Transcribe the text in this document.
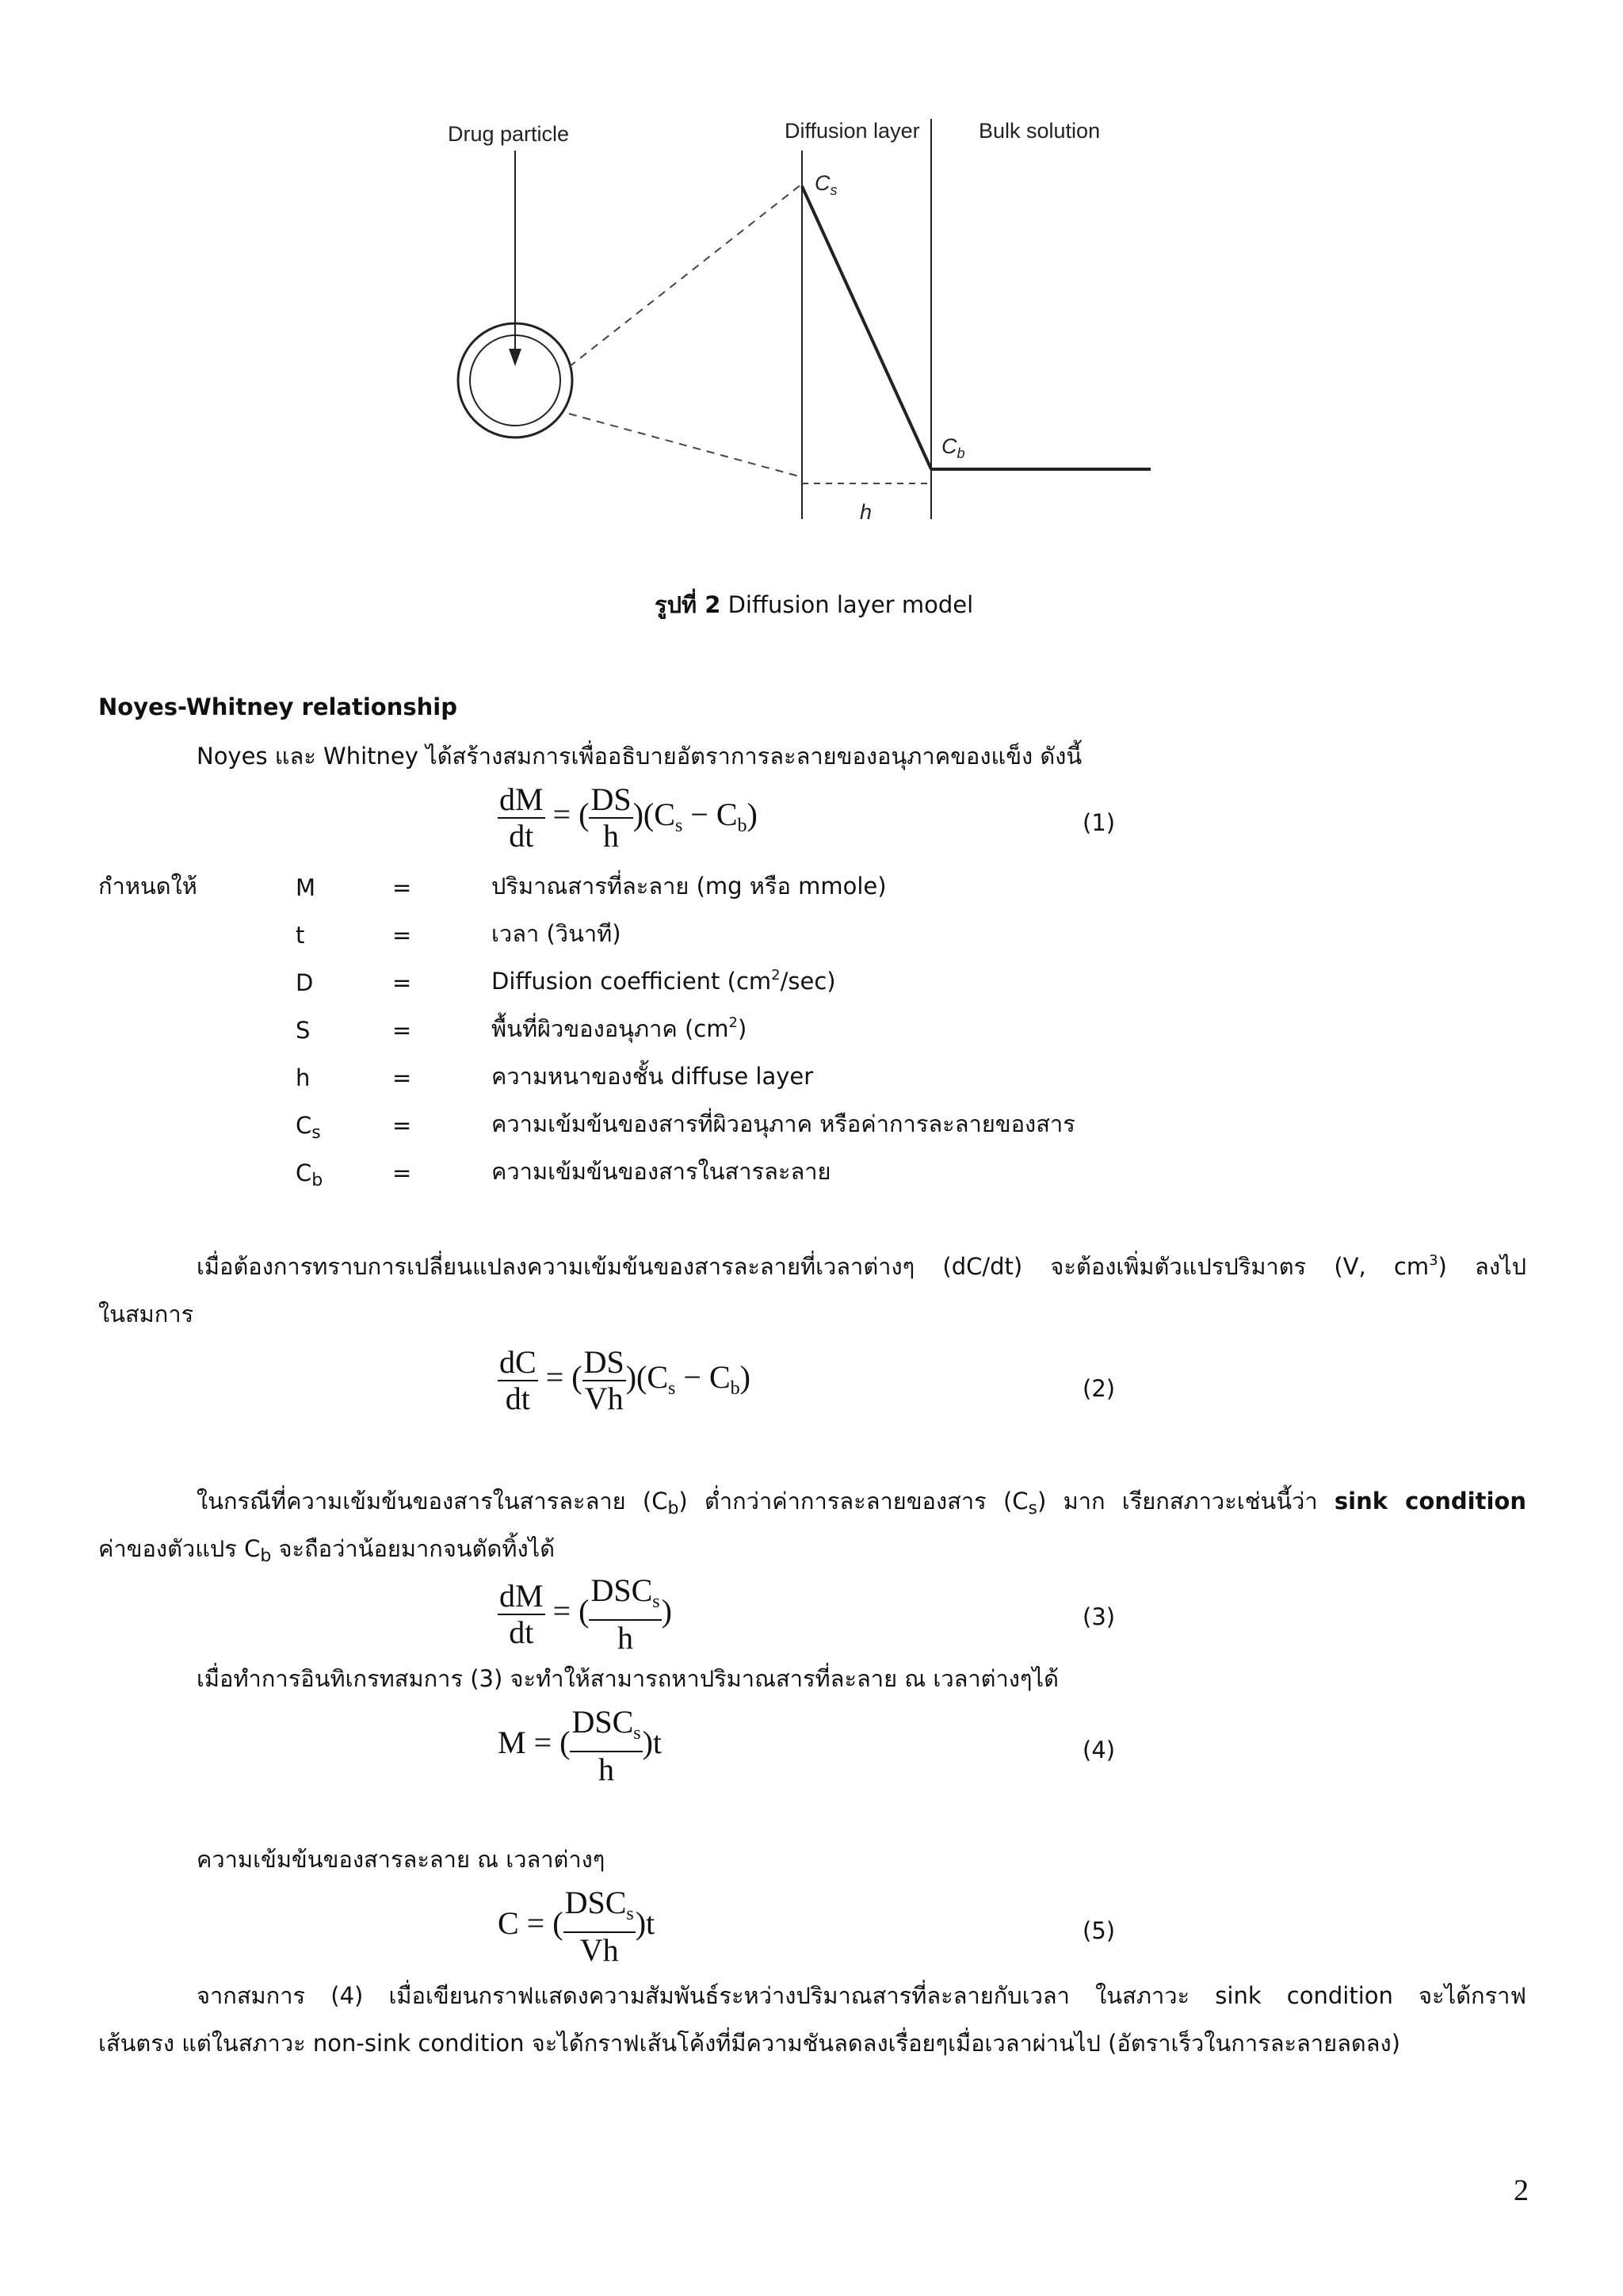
Drug particle	Diffusion layer	Bulk solution
$C_s$
$C_b$
h
รูปที่ 2 Diffusion layer model
Noyes-Whitney relationship
Noyes และ Whitney ได้สร้างสมการเพื่ออธิบายอัตราการละลายของอนุภาคของแข็ง ดังนี้
$\frac{dM}{dt}$ = ( $\frac{DS}{h} )(C_s - C_b)$	(1)
กำหนดให้	M	=	ปริมาณสารที่ละลาย (mg หรือ mmole)
t	=	เวลา (วินาที)
D	=	Diffusion coefficient $(cm^2/\sec)$
S	=	พื้นที่ผิวของอนุภาค $(cm^2)$
h	=	ความหนาของชั้น diffuse layer
$C_s$	=	ความเข้มข้นของสารที่ผิวอนุภาค หรือค่าการละลายของสาร
$C_b$	=	ความเข้มข้นของสารในสารละลาย
เมื่อต้องการทราบการเปลี่ยนแปลงความเข้มข้นของสารละลายที่เวลาต่างๆ (dC/dt) จะต้องเพิ่มตัวแปรปริมาตร (V, $cm^3$) ลงไป
ในสมการ
$\frac{dC}{dt}$ = ( $\frac{DS}{Vh} )(C_s - C_b)$	(2)
ในกรณีที่ความเข้มข้นของสารในสารละลาย $(C_b)$ ต่ำกว่าค่าการละลายของสาร $(C_s)$ มาก เรียกสภาวะเช่นนี้ว่า sink condition
ค่าของตัวแปร $C_b$ จะถือว่าน้อยมากจนตัดทิ้งได้
$\frac{dM}{dt}$ = ( $\frac{DSC_s}{h}$ )	(3)
เมื่อทำการอินทิเกรทสมการ (3) จะทำให้สามารถหาปริมาณสารที่ละลาย ณ เวลาต่างๆได้
M = ( $\frac{DSC_s}{h} )t$	(4)
ความเข้มข้นของสารละลาย ณ เวลาต่างๆ
C = ( $\frac{DSC_s}{Vh} )t$	(5)
จากสมการ (4) เมื่อเขียนกราฟแสดงความสัมพันธ์ระหว่างปริมาณสารที่ละลายกับเวลา ในสภาวะ sink condition จะได้กราฟ
เส้นตรง แต่ในสภาวะ non-sink condition จะได้กราฟเส้นโค้งที่มีความชันลดลงเรื่อยๆเมื่อเวลาผ่านไป (อัตราเร็วในการละลายลดลง)
2
